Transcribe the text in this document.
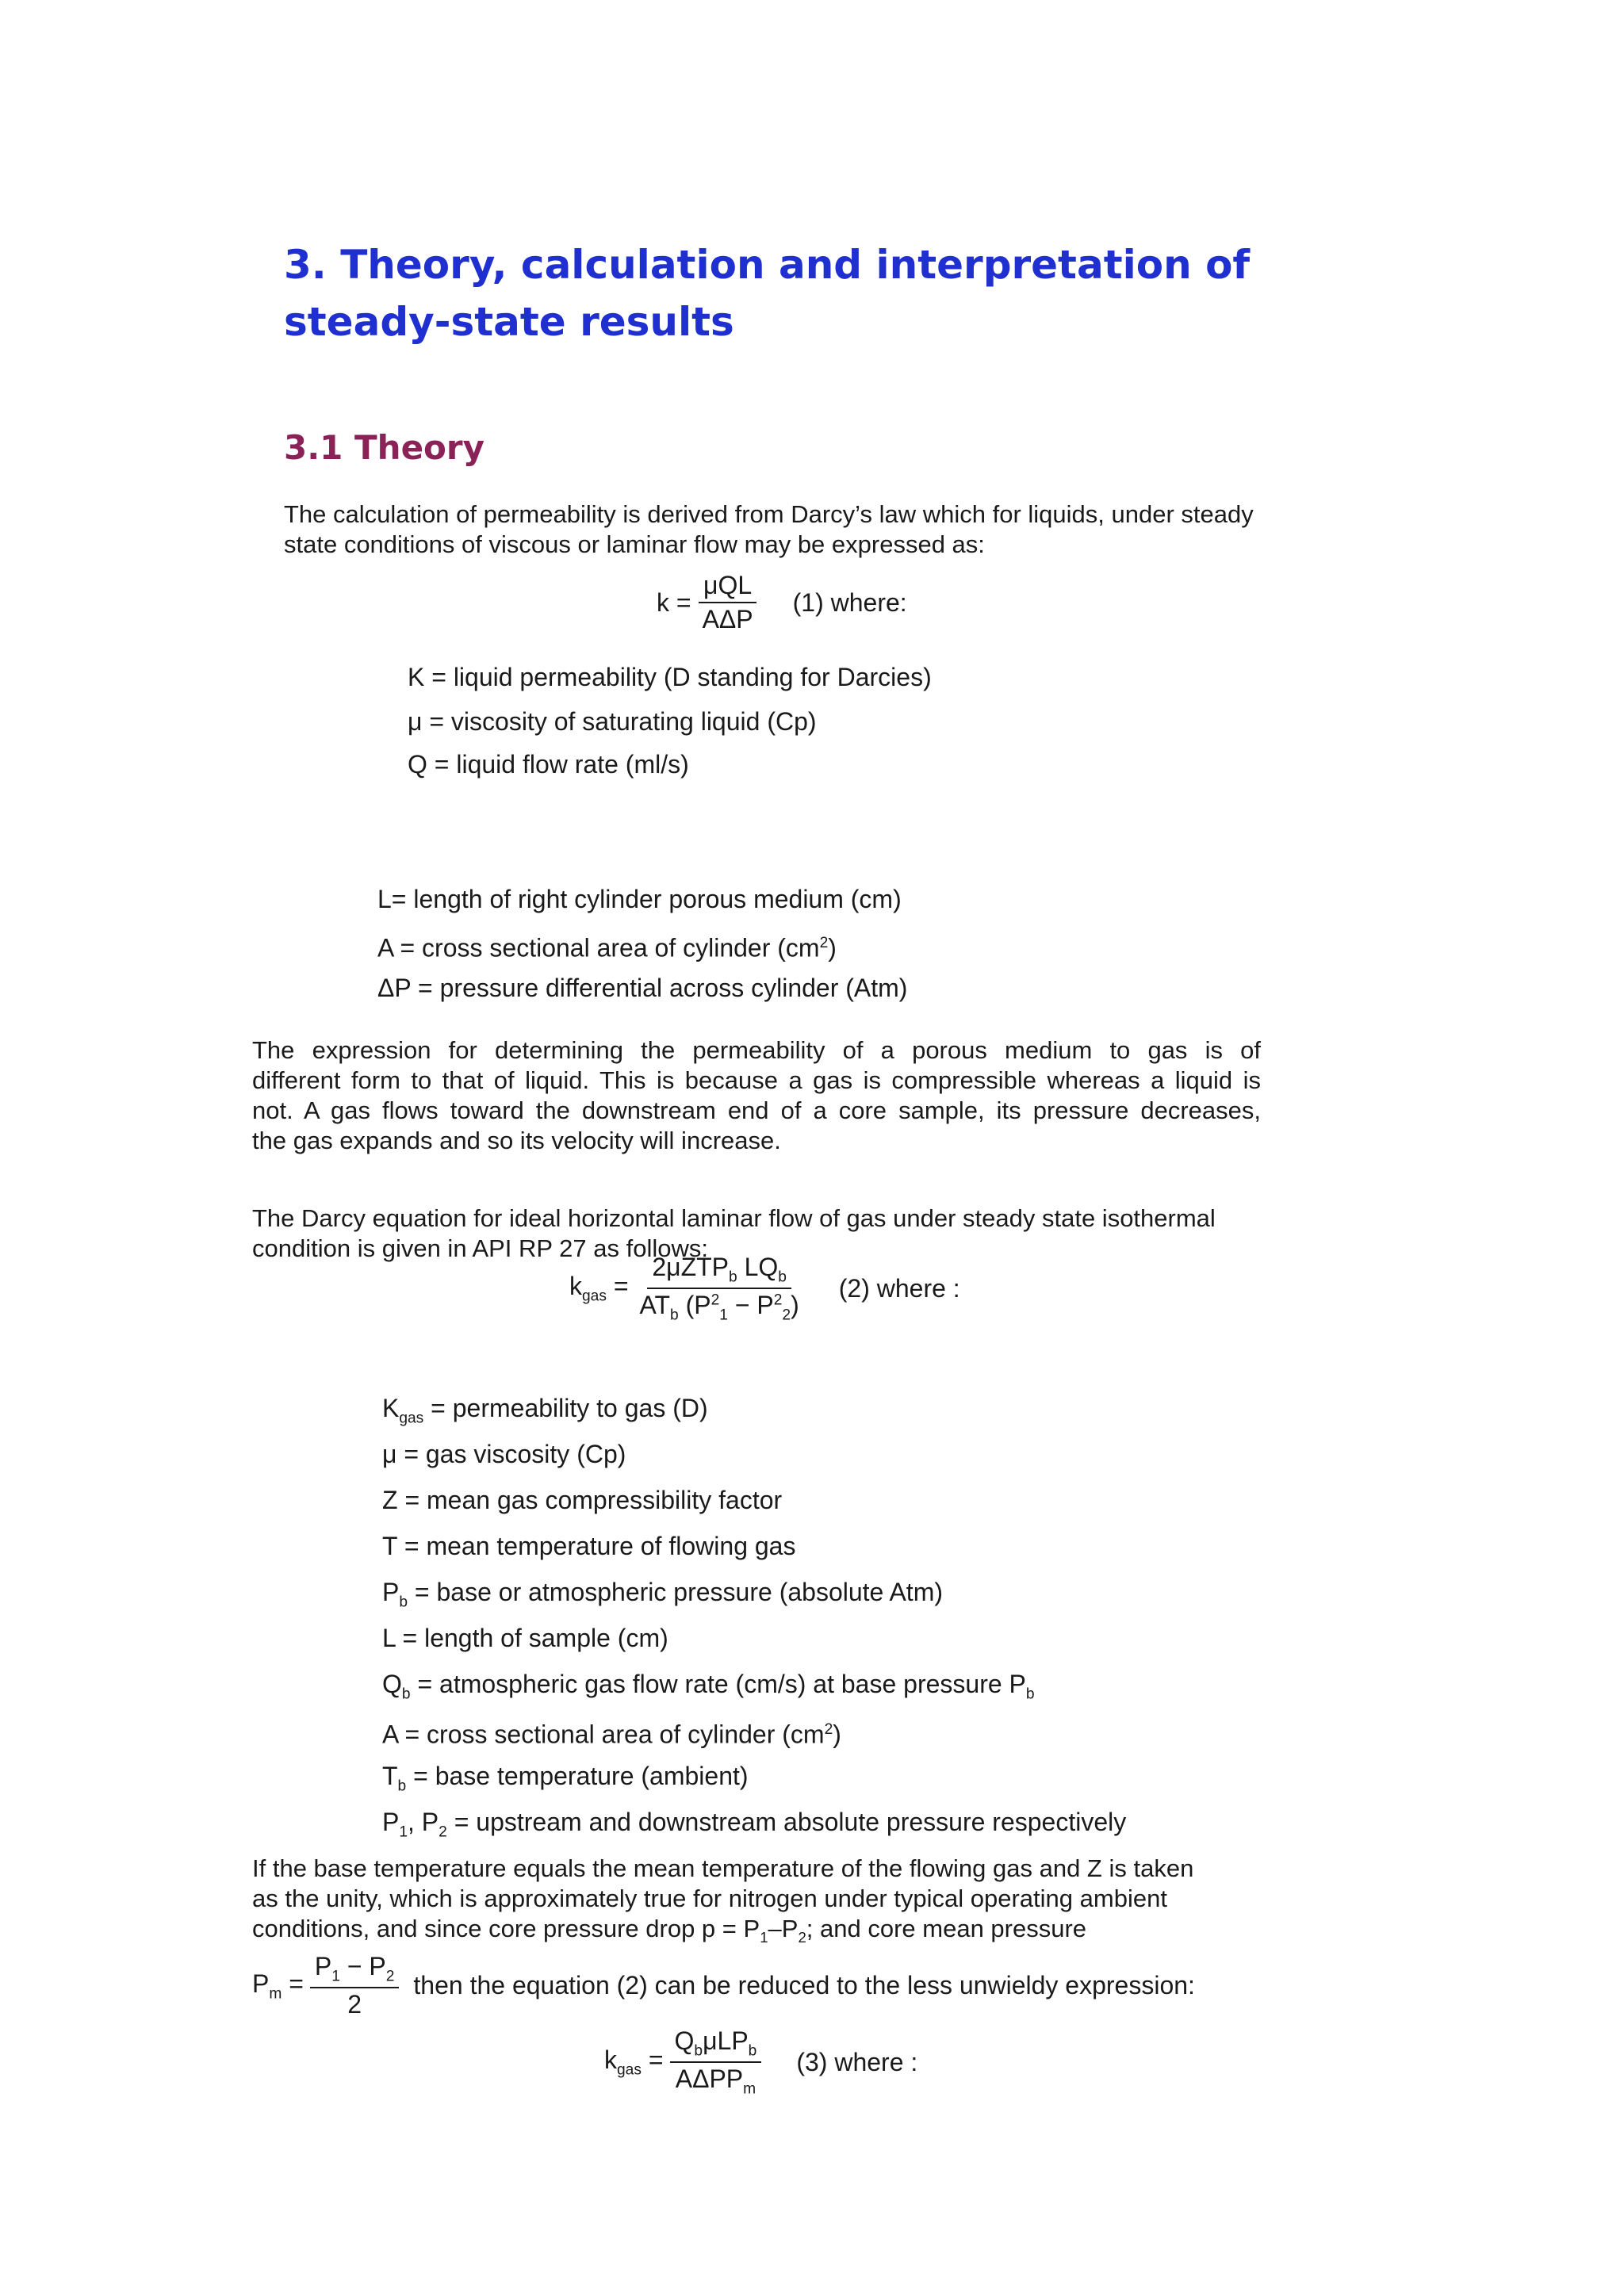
3. Theory, calculation and interpretation of
steady-state results
3.1 Theory

The calculation of permeability is derived from Darcy’s law which for liquids, under steady
state conditions of viscous or laminar flow may be expressed as:

$k = \frac{\text{μQL}}{\text{AΔP}} (1)$ where:
K = liquid permeability (D standing for Darcies)
μ = viscosity of saturating liquid (Cp)
Q = liquid flow rate (ml/s)
L= length of right cylinder porous medium (cm)
A = cross sectional area of cylinder $(cm^2)$
ΔP = pressure differential across cylinder (Atm)

The expression for determining the permeability of a porous medium to gas is of
different form to that of liquid. This is because a gas is compressible whereas a liquid is
not. A gas flows toward the downstream end of a core sample, its pressure decreases,
the gas expands and so its velocity will increase.

The Darcy equation for ideal horizontal laminar flow of gas under steady state isothermal
condition is given in API RP 27 as follows:

$k_{gas} = \frac{2\mu ZTP_b LQ_b}{AT_b (P^2_1 - P^2_2)} (2)$ where :
$K_{gas}$ = permeability to gas (D)
μ = gas viscosity (Cp)
Z = mean gas compressibility factor
T = mean temperature of flowing gas
$P_b$ = base or atmospheric pressure (absolute Atm)
L = length of sample (cm)
$Q_b$ = atmospheric gas flow rate (cm/s) at base pressure $P_b$
A = cross sectional area of cylinder $(cm^2)$
$T_b$ = base temperature (ambient)
$P_1$, $P_2$ = upstream and downstream absolute pressure respectively

If the base temperature equals the mean temperature of the flowing gas and Z is taken
as the unity, which is approximately true for nitrogen under typical operating ambient
conditions, and since core pressure drop $p = P_1-P_2$; and core mean pressure

$P_m = \frac{P_1 - P_2}{2}$ then the equation (2) can be reduced to the less unwieldy expression:
$k_{gas} = \frac{Q_b\mu LP_b}{A\Delta PP_m} (3)$ where :
